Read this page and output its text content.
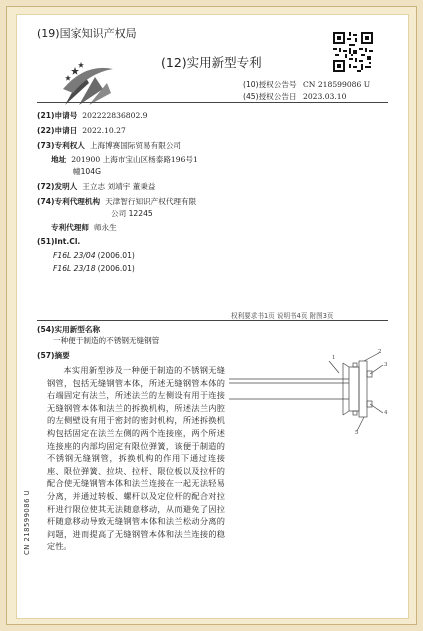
(19)国家知识产权局
(12)实用新型专利
(10)授权公告号 CN 218599086 U
(45)授权公告日 2023.03.10
(21)申请号 202222836802.9
(22)申请日 2022.10.27
(73)专利权人 上海博赛国际贸易有限公司
地址 201900 上海市宝山区杨泰路196号1
幢104G
(72)发明人 王立志 刘靖宇 董秉益
(74)专利代理机构 天津智行知识产权代理有限
公司 12245
专利代理师 师永生
(51)Int.Cl.
F16L 23/04 (2006.01)
F16L 23/18 (2006.01)
权利要求书1页 说明书4页 附图3页
(54)实用新型名称
一种便于制造的不锈钢无缝钢管
(57)摘要
本实用新型涉及一种便于制造的不锈钢无缝钢管，包括无缝钢管本体，所述无缝钢管本体的右端固定有法兰，所述法兰的左侧设有用于连接无缝钢管本体和法兰的拆换机构，所述法兰内腔的左侧壁设有用于密封的密封机构，所述拆换机构包括固定在法兰左侧的两个连接座，两个所述连接座的内部均固定有限位弹簧，该便于制造的不锈钢无缝钢管，拆换机构的作用下通过连接座、限位弹簧、拉块、拉杆、限位板以及拉杆的配合使无缝钢管本体和法兰连接在一起无法轻易分离，并通过转板、螺杆以及定位杆的配合对拉杆进行限位使其无法随意移动，从而避免了因拉杆随意移动导致无缝钢管本体和法兰松动分离的问题，进而提高了无缝钢管本体和法兰连接的稳定性。
1
2
3
4
5
CN 218599086 U
